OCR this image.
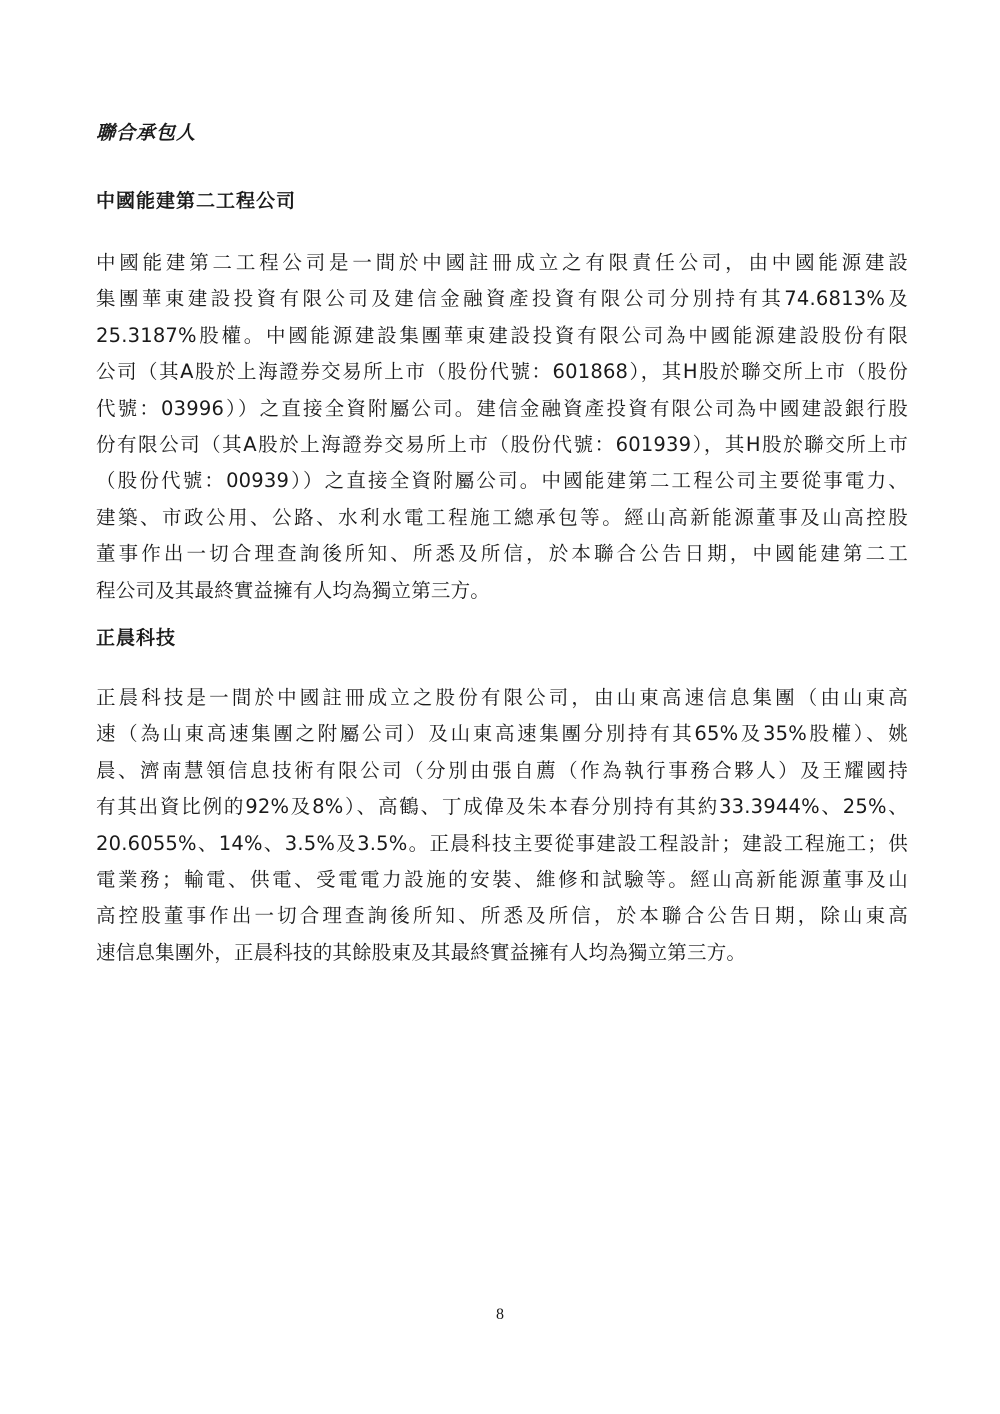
聯合承包人
中國能建第二工程公司
中國能建第二工程公司是一間於中國註冊成立之有限責任公司，由中國能源建設
集團華東建設投資有限公司及建信金融資產投資有限公司分別持有其74.6813%及
25.3187%股權。中國能源建設集團華東建設投資有限公司為中國能源建設股份有限
公司（其A股於上海證券交易所上市（股份代號：601868），其H股於聯交所上市（股份
代號：03996））之直接全資附屬公司。建信金融資產投資有限公司為中國建設銀行股
份有限公司（其A股於上海證券交易所上市（股份代號：601939），其H股於聯交所上市
（股份代號：00939））之直接全資附屬公司。中國能建第二工程公司主要從事電力、
建築、市政公用、公路、水利水電工程施工總承包等。經山高新能源董事及山高控股
董事作出一切合理查詢後所知、所悉及所信，於本聯合公告日期，中國能建第二工
程公司及其最終實益擁有人均為獨立第三方。
正晨科技
正晨科技是一間於中國註冊成立之股份有限公司，由山東高速信息集團（由山東高
速（為山東高速集團之附屬公司）及山東高速集團分別持有其65%及35%股權）、姚
晨、濟南慧領信息技術有限公司（分別由張自薦（作為執行事務合夥人）及王耀國持
有其出資比例的92%及8%）、高鶴、丁成偉及朱本春分別持有其約33.3944%、25%、
20.6055%、14%、3.5%及3.5%。正晨科技主要從事建設工程設計；建設工程施工；供
電業務；輸電、供電、受電電力設施的安裝、維修和試驗等。經山高新能源董事及山
高控股董事作出一切合理查詢後所知、所悉及所信，於本聯合公告日期，除山東高
速信息集團外，正晨科技的其餘股東及其最終實益擁有人均為獨立第三方。

8
